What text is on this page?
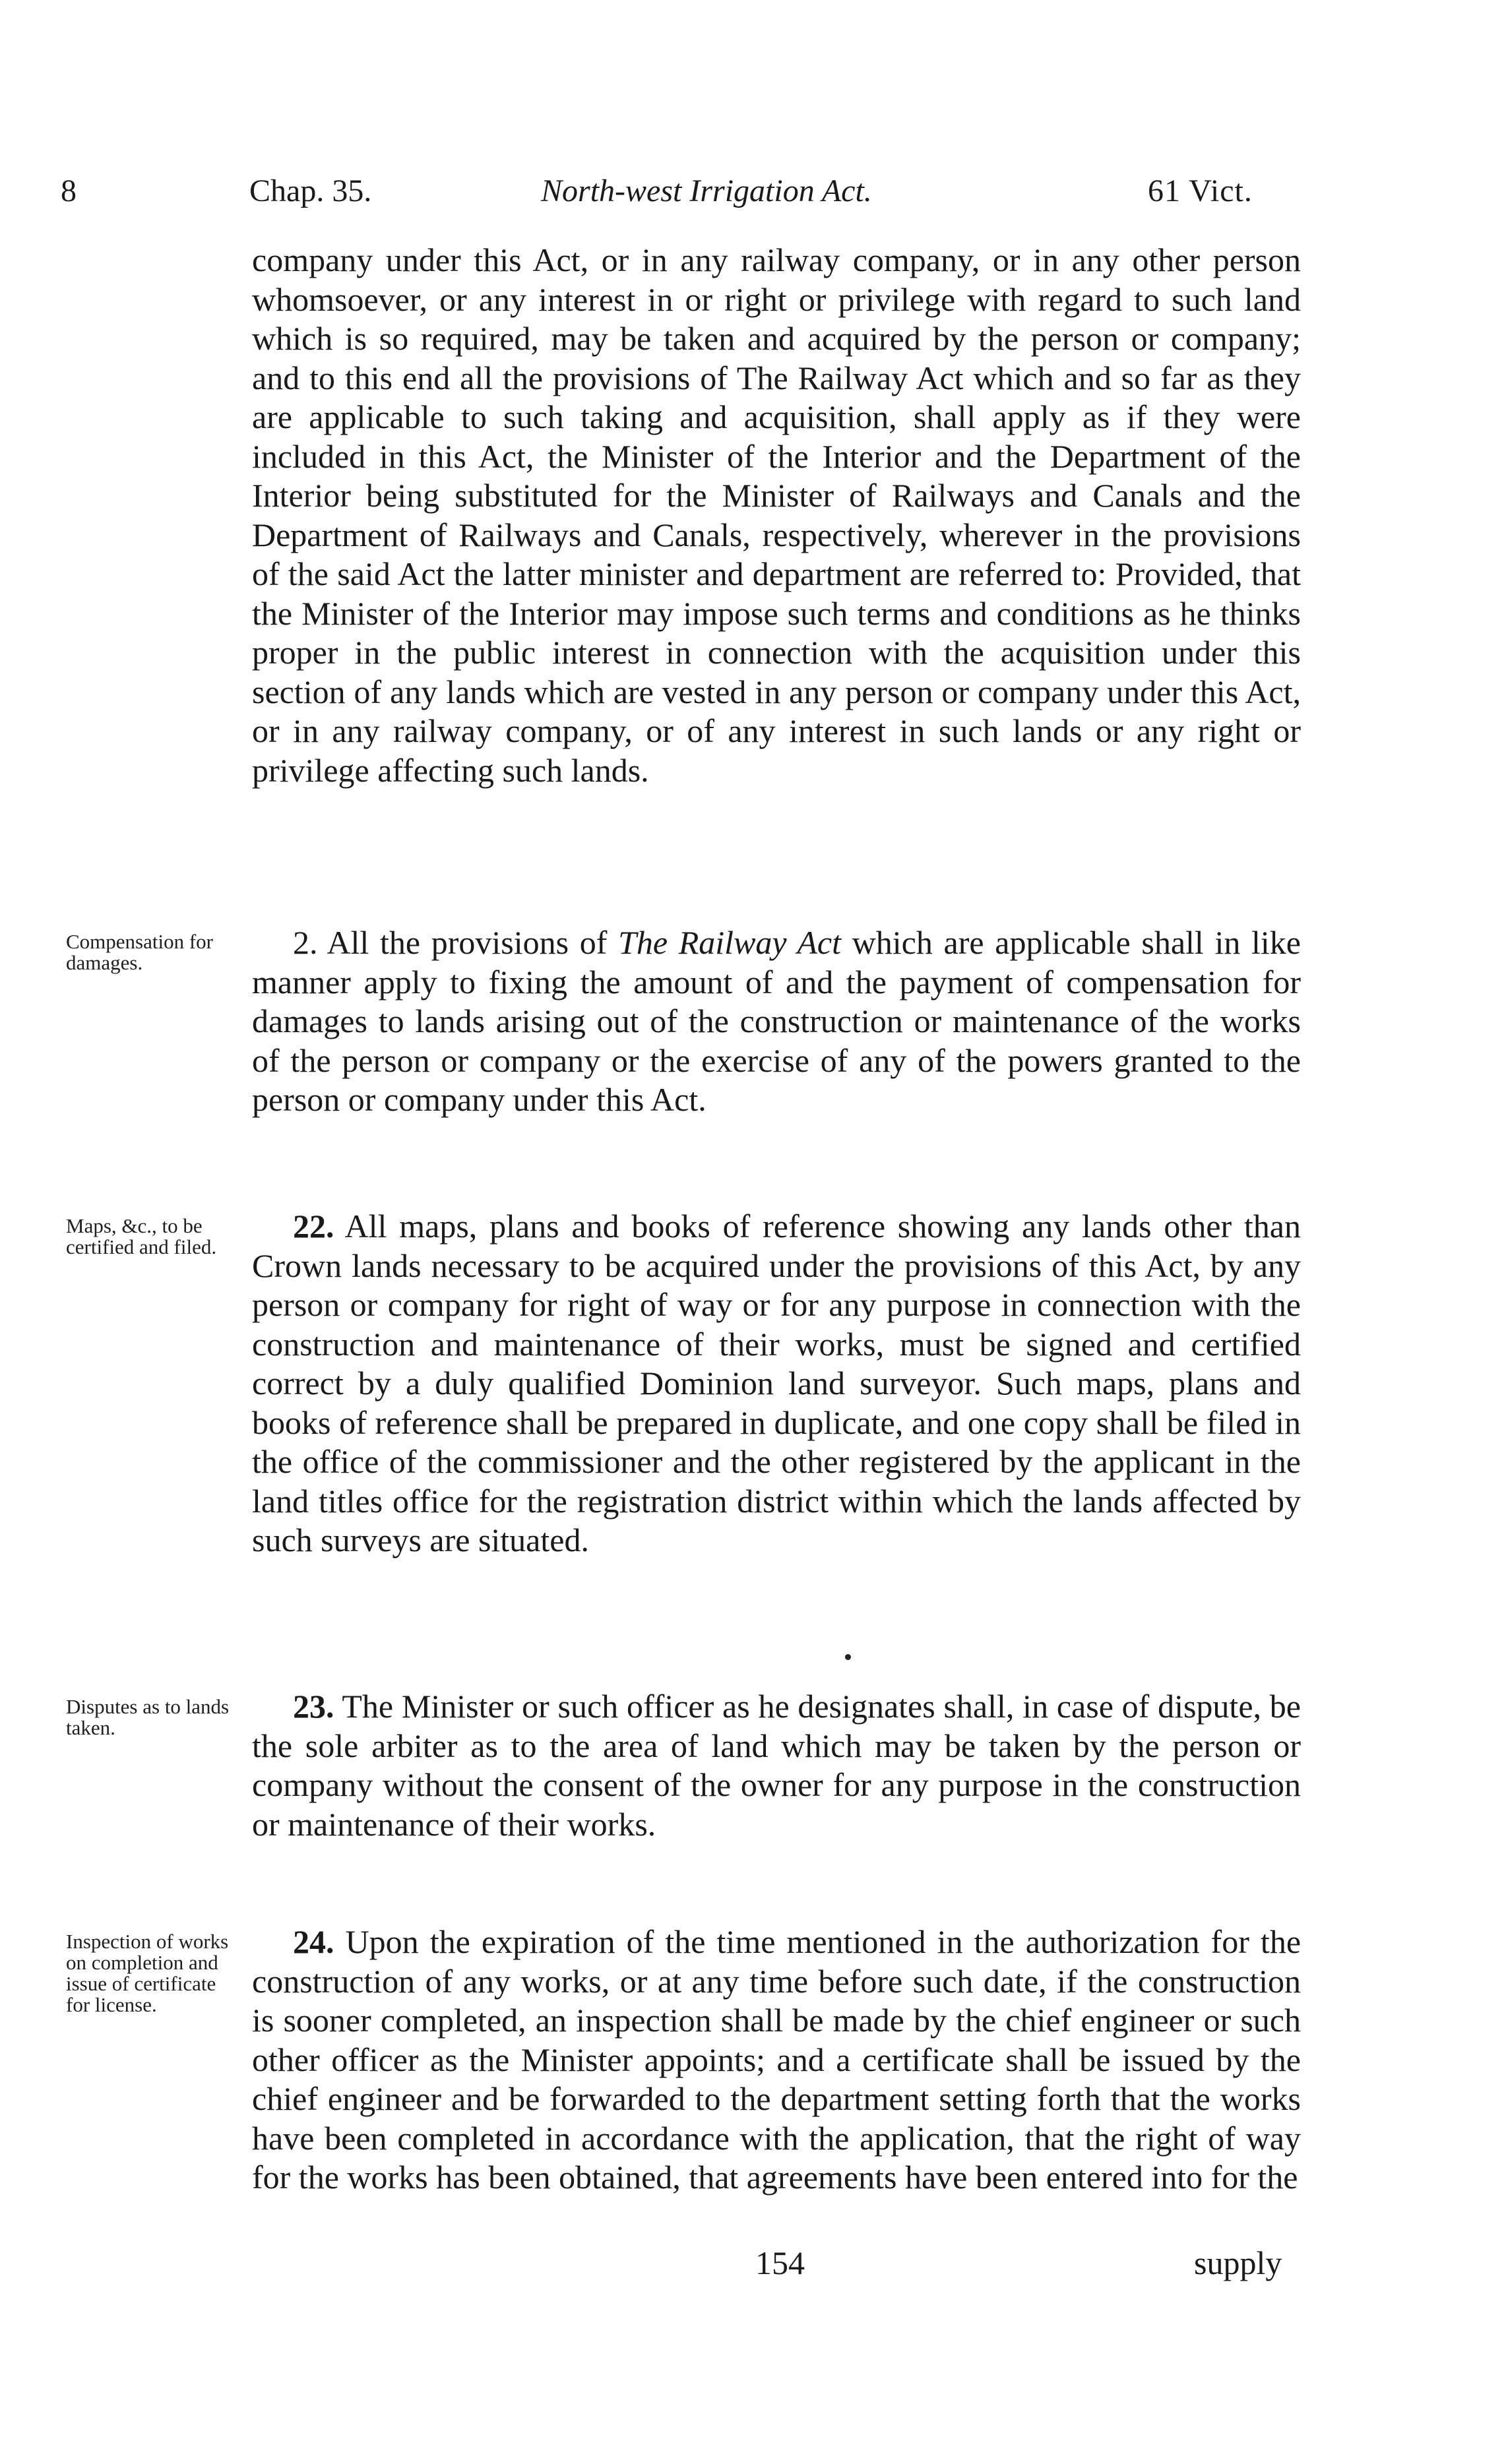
8	Chap. 35.	North-west Irrigation Act.	61 Vict.

company under this Act, or in any railway company, or in any other person whomsoever, or any interest in or right or privilege with regard to such land which is so required, may be taken and acquired by the person or company; and to this end all the provisions of The Railway Act which and so far as they are applicable to such taking and acquisition, shall apply as if they were included in this Act, the Minister of the Interior and the Department of the Interior being substituted for the Minister of Railways and Canals and the Department of Railways and Canals, respectively, wherever in the provisions of the said Act the latter minister and department are referred to: Provided, that the Minister of the Interior may impose such terms and conditions as he thinks proper in the public interest in connection with the acquisition under this section of any lands which are vested in any person or company under this Act, or in any railway company, or of any interest in such lands or any right or privilege affecting such lands.

Compensation for damages.

2. All the provisions of The Railway Act which are applicable shall in like manner apply to fixing the amount of and the payment of compensation for damages to lands arising out of the construction or maintenance of the works of the person or company or the exercise of any of the powers granted to the person or company under this Act.

Maps, &c., to be certified and filed.

22. All maps, plans and books of reference showing any lands other than Crown lands necessary to be acquired under the provisions of this Act, by any person or company for right of way or for any purpose in connection with the construction and maintenance of their works, must be signed and certified correct by a duly qualified Dominion land surveyor. Such maps, plans and books of reference shall be prepared in duplicate, and one copy shall be filed in the office of the commissioner and the other registered by the applicant in the land titles office for the registration district within which the lands affected by such surveys are situated.

Disputes as to lands taken.

23. The Minister or such officer as he designates shall, in case of dispute, be the sole arbiter as to the area of land which may be taken by the person or company without the consent of the owner for any purpose in the construction or maintenance of their works.

Inspection of works on completion and issue of certificate for license.

24. Upon the expiration of the time mentioned in the authorization for the construction of any works, or at any time before such date, if the construction is sooner completed, an inspection shall be made by the chief engineer or such other officer as the Minister appoints; and a certificate shall be issued by the chief engineer and be forwarded to the department setting forth that the works have been completed in accordance with the application, that the right of way for the works has been obtained, that agreements have been entered into for the

154	supply
